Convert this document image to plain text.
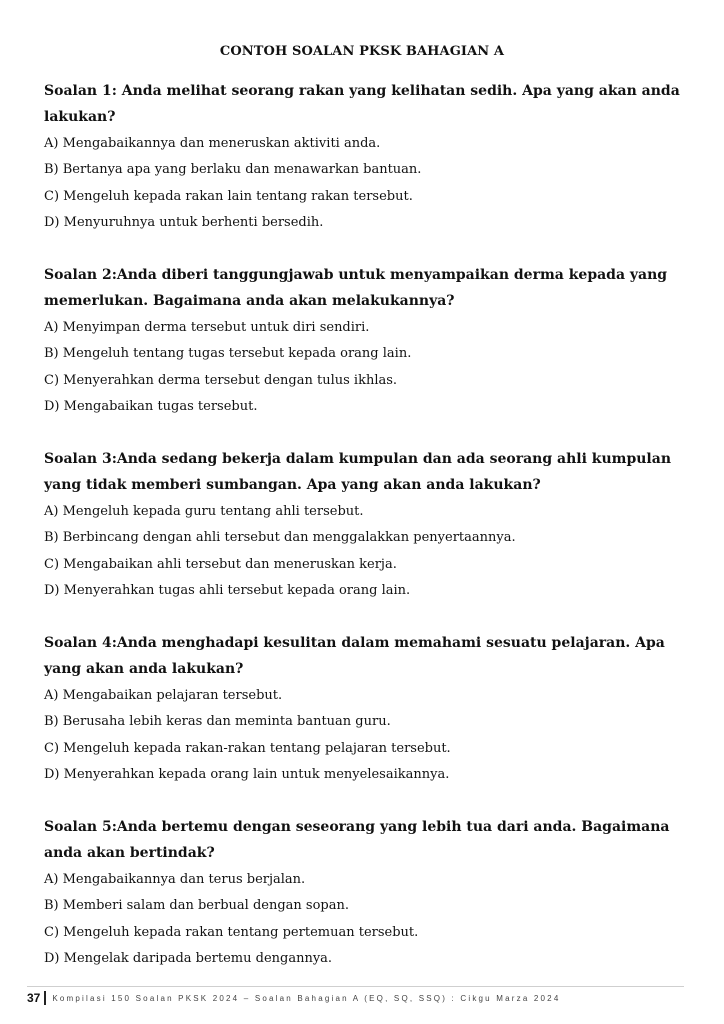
CONTOH SOALAN PKSK BAHAGIAN A

Soalan 1: Anda melihat seorang rakan yang kelihatan sedih. Apa yang akan anda lakukan?

A) Mengabaikannya dan meneruskan aktiviti anda.

B) Bertanya apa yang berlaku dan menawarkan bantuan.

C) Mengeluh kepada rakan lain tentang rakan tersebut.

D) Menyuruhnya untuk berhenti bersedih.

Soalan 2:Anda diberi tanggungjawab untuk menyampaikan derma kepada yang memerlukan. Bagaimana anda akan melakukannya?

A) Menyimpan derma tersebut untuk diri sendiri.

B) Mengeluh tentang tugas tersebut kepada orang lain.

C) Menyerahkan derma tersebut dengan tulus ikhlas.

D) Mengabaikan tugas tersebut.

Soalan 3:Anda sedang bekerja dalam kumpulan dan ada seorang ahli kumpulan yang tidak memberi sumbangan. Apa yang akan anda lakukan?

A) Mengeluh kepada guru tentang ahli tersebut.

B) Berbincang dengan ahli tersebut dan menggalakkan penyertaannya.

C) Mengabaikan ahli tersebut dan meneruskan kerja.

D) Menyerahkan tugas ahli tersebut kepada orang lain.

Soalan 4:Anda menghadapi kesulitan dalam memahami sesuatu pelajaran. Apa yang akan anda lakukan?

A) Mengabaikan pelajaran tersebut.

B) Berusaha lebih keras dan meminta bantuan guru.

C) Mengeluh kepada rakan-rakan tentang pelajaran tersebut.

D) Menyerahkan kepada orang lain untuk menyelesaikannya.

Soalan 5:Anda bertemu dengan seseorang yang lebih tua dari anda. Bagaimana anda akan bertindak?

A) Mengabaikannya dan terus berjalan.

B) Memberi salam dan berbual dengan sopan.

C) Mengeluh kepada rakan tentang pertemuan tersebut.

D) Mengelak daripada bertemu dengannya.

37 Kompilasi 150 Soalan PKSK 2024 – Soalan Bahagian A (EQ, SQ, SSQ) : Cikgu Marza 2024
